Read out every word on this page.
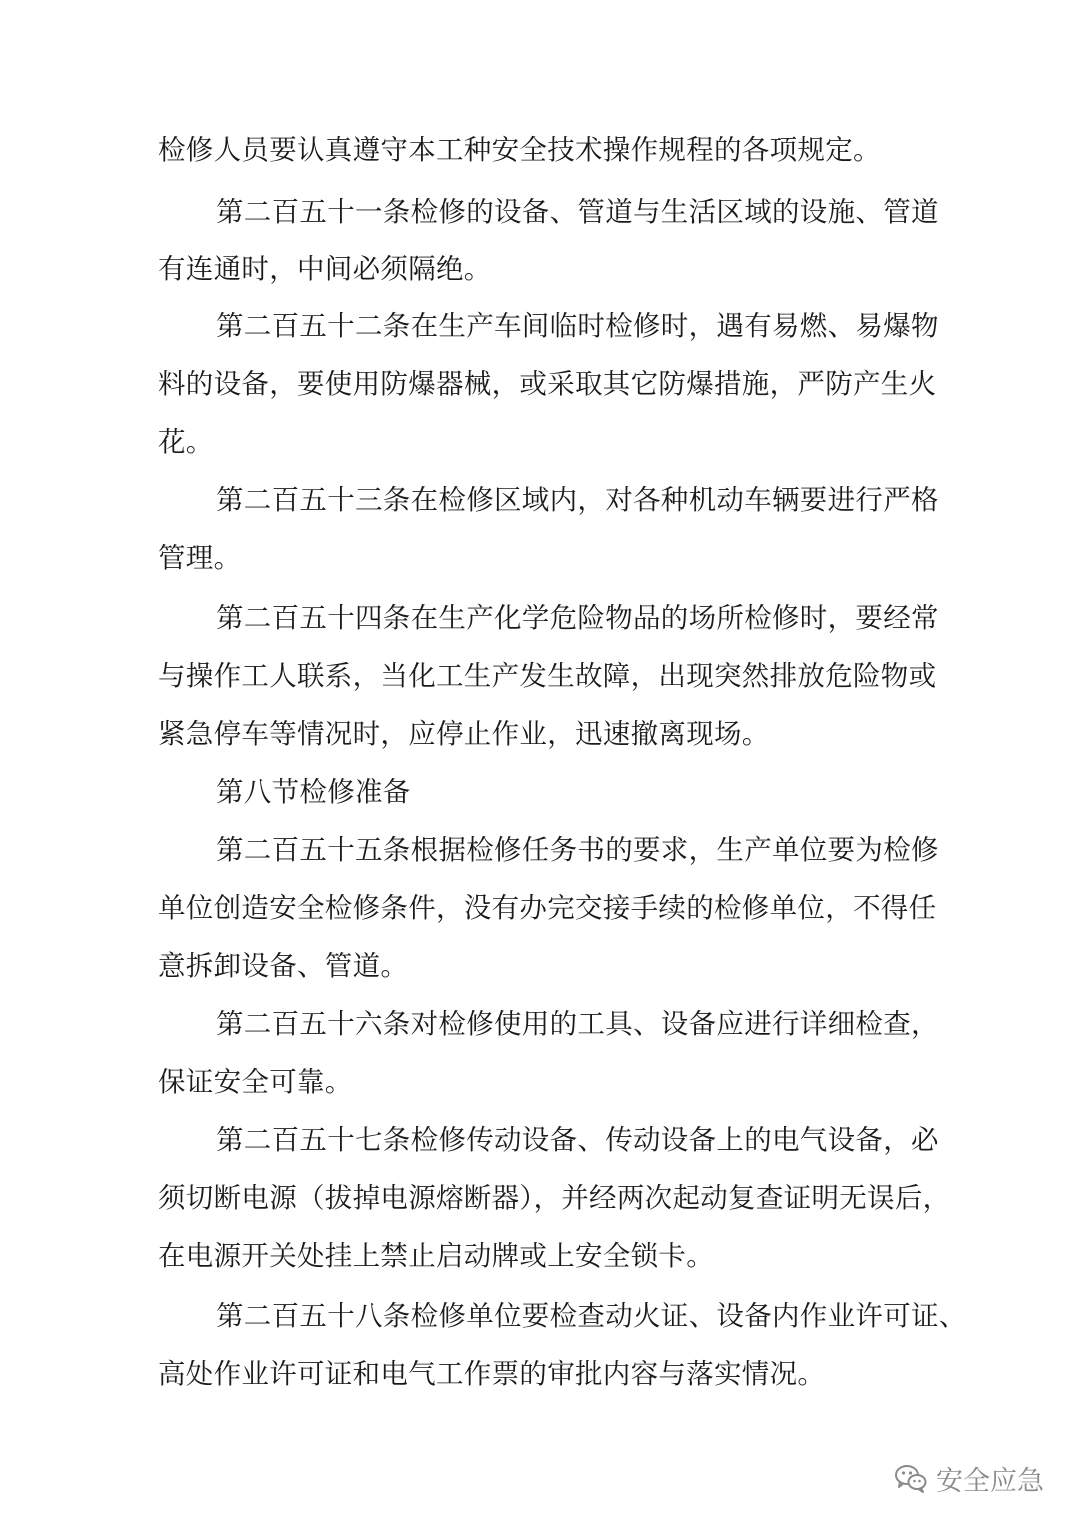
检修人员要认真遵守本工种安全技术操作规程的各项规定。
第二百五十一条检修的设备、管道与生活区域的设施、管道
有连通时，中间必须隔绝。
第二百五十二条在生产车间临时检修时，遇有易燃、易爆物
料的设备，要使用防爆器械，或采取其它防爆措施，严防产生火
花。
第二百五十三条在检修区域内，对各种机动车辆要进行严格
管理。
第二百五十四条在生产化学危险物品的场所检修时，要经常
与操作工人联系，当化工生产发生故障，出现突然排放危险物或
紧急停车等情况时，应停止作业，迅速撤离现场。
第八节检修准备
第二百五十五条根据检修任务书的要求，生产单位要为检修
单位创造安全检修条件，没有办完交接手续的检修单位，不得任
意拆卸设备、管道。
第二百五十六条对检修使用的工具、设备应进行详细检查，
保证安全可靠。
第二百五十七条检修传动设备、传动设备上的电气设备，必
须切断电源（拔掉电源熔断器），并经两次起动复查证明无误后，
在电源开关处挂上禁止启动牌或上安全锁卡。
第二百五十八条检修单位要检查动火证、设备内作业许可证、
高处作业许可证和电气工作票的审批内容与落实情况。
安全应急
